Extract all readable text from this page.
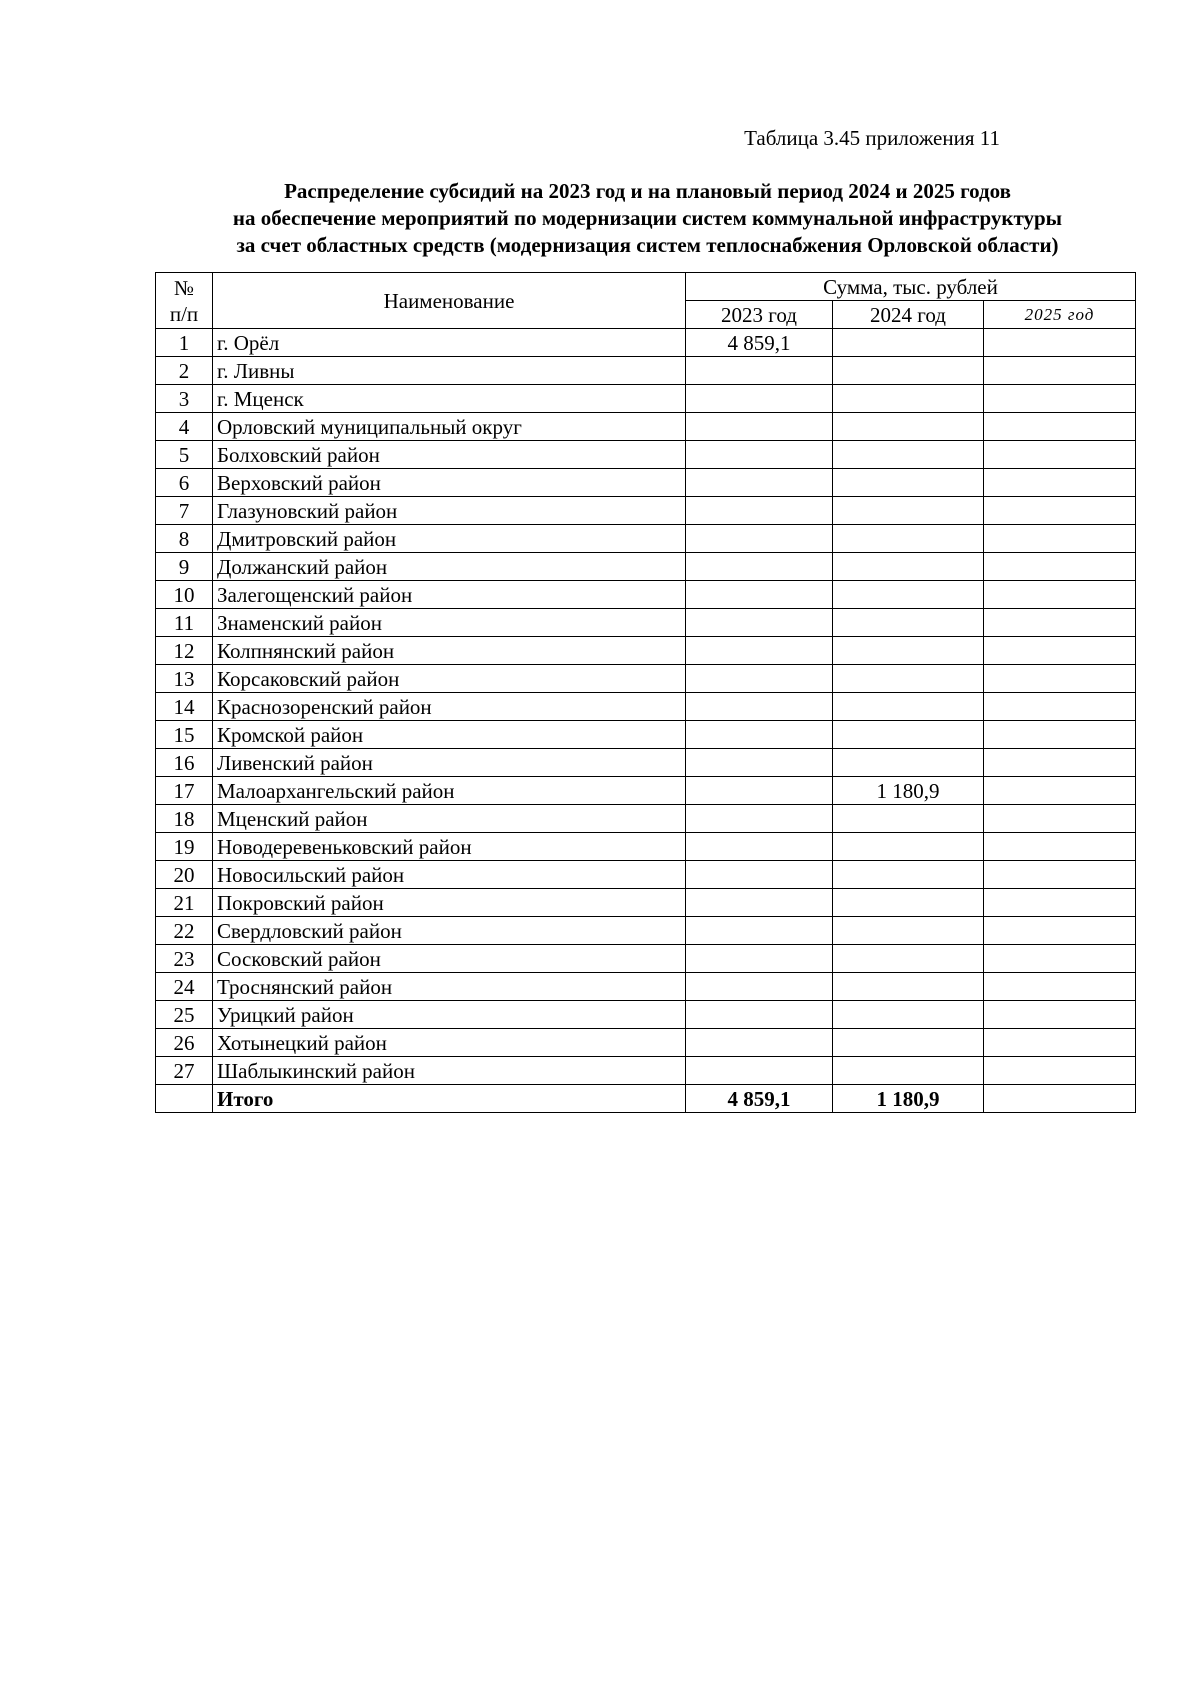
Таблица 3.45 приложения 11
Распределение субсидий на 2023 год и на плановый период 2024 и 2025 годов
на обеспечение мероприятий по модернизации систем коммунальной инфраструктуры
за счет областных средств (модернизация систем теплоснабжения Орловской области)
№
п/п	Наименование	Сумма, тыс. рублей		
		2023 год	2024 год	2025 год
1	г. Орёл	4 859,1		
2	г. Ливны			
3	г. Мценск			
4	Орловский муниципальный округ			
5	Болховский район			
6	Верховский район			
7	Глазуновский район			
8	Дмитровский район			
9	Должанский район			
10	Залегощенский район			
11	Знаменский район			
12	Колпнянский район			
13	Корсаковский район			
14	Краснозоренский район			
15	Кромской район			
16	Ливенский район			
17	Малоархангельский район		1 180,9	
18	Мценский район			
19	Новодеревеньковский район			
20	Новосильский район			
21	Покровский район			
22	Свердловский район			
23	Сосковский район			
24	Троснянский район			
25	Урицкий район			
26	Хотынецкий район			
27	Шаблыкинский район			
	Итого	4 859,1	1 180,9	
